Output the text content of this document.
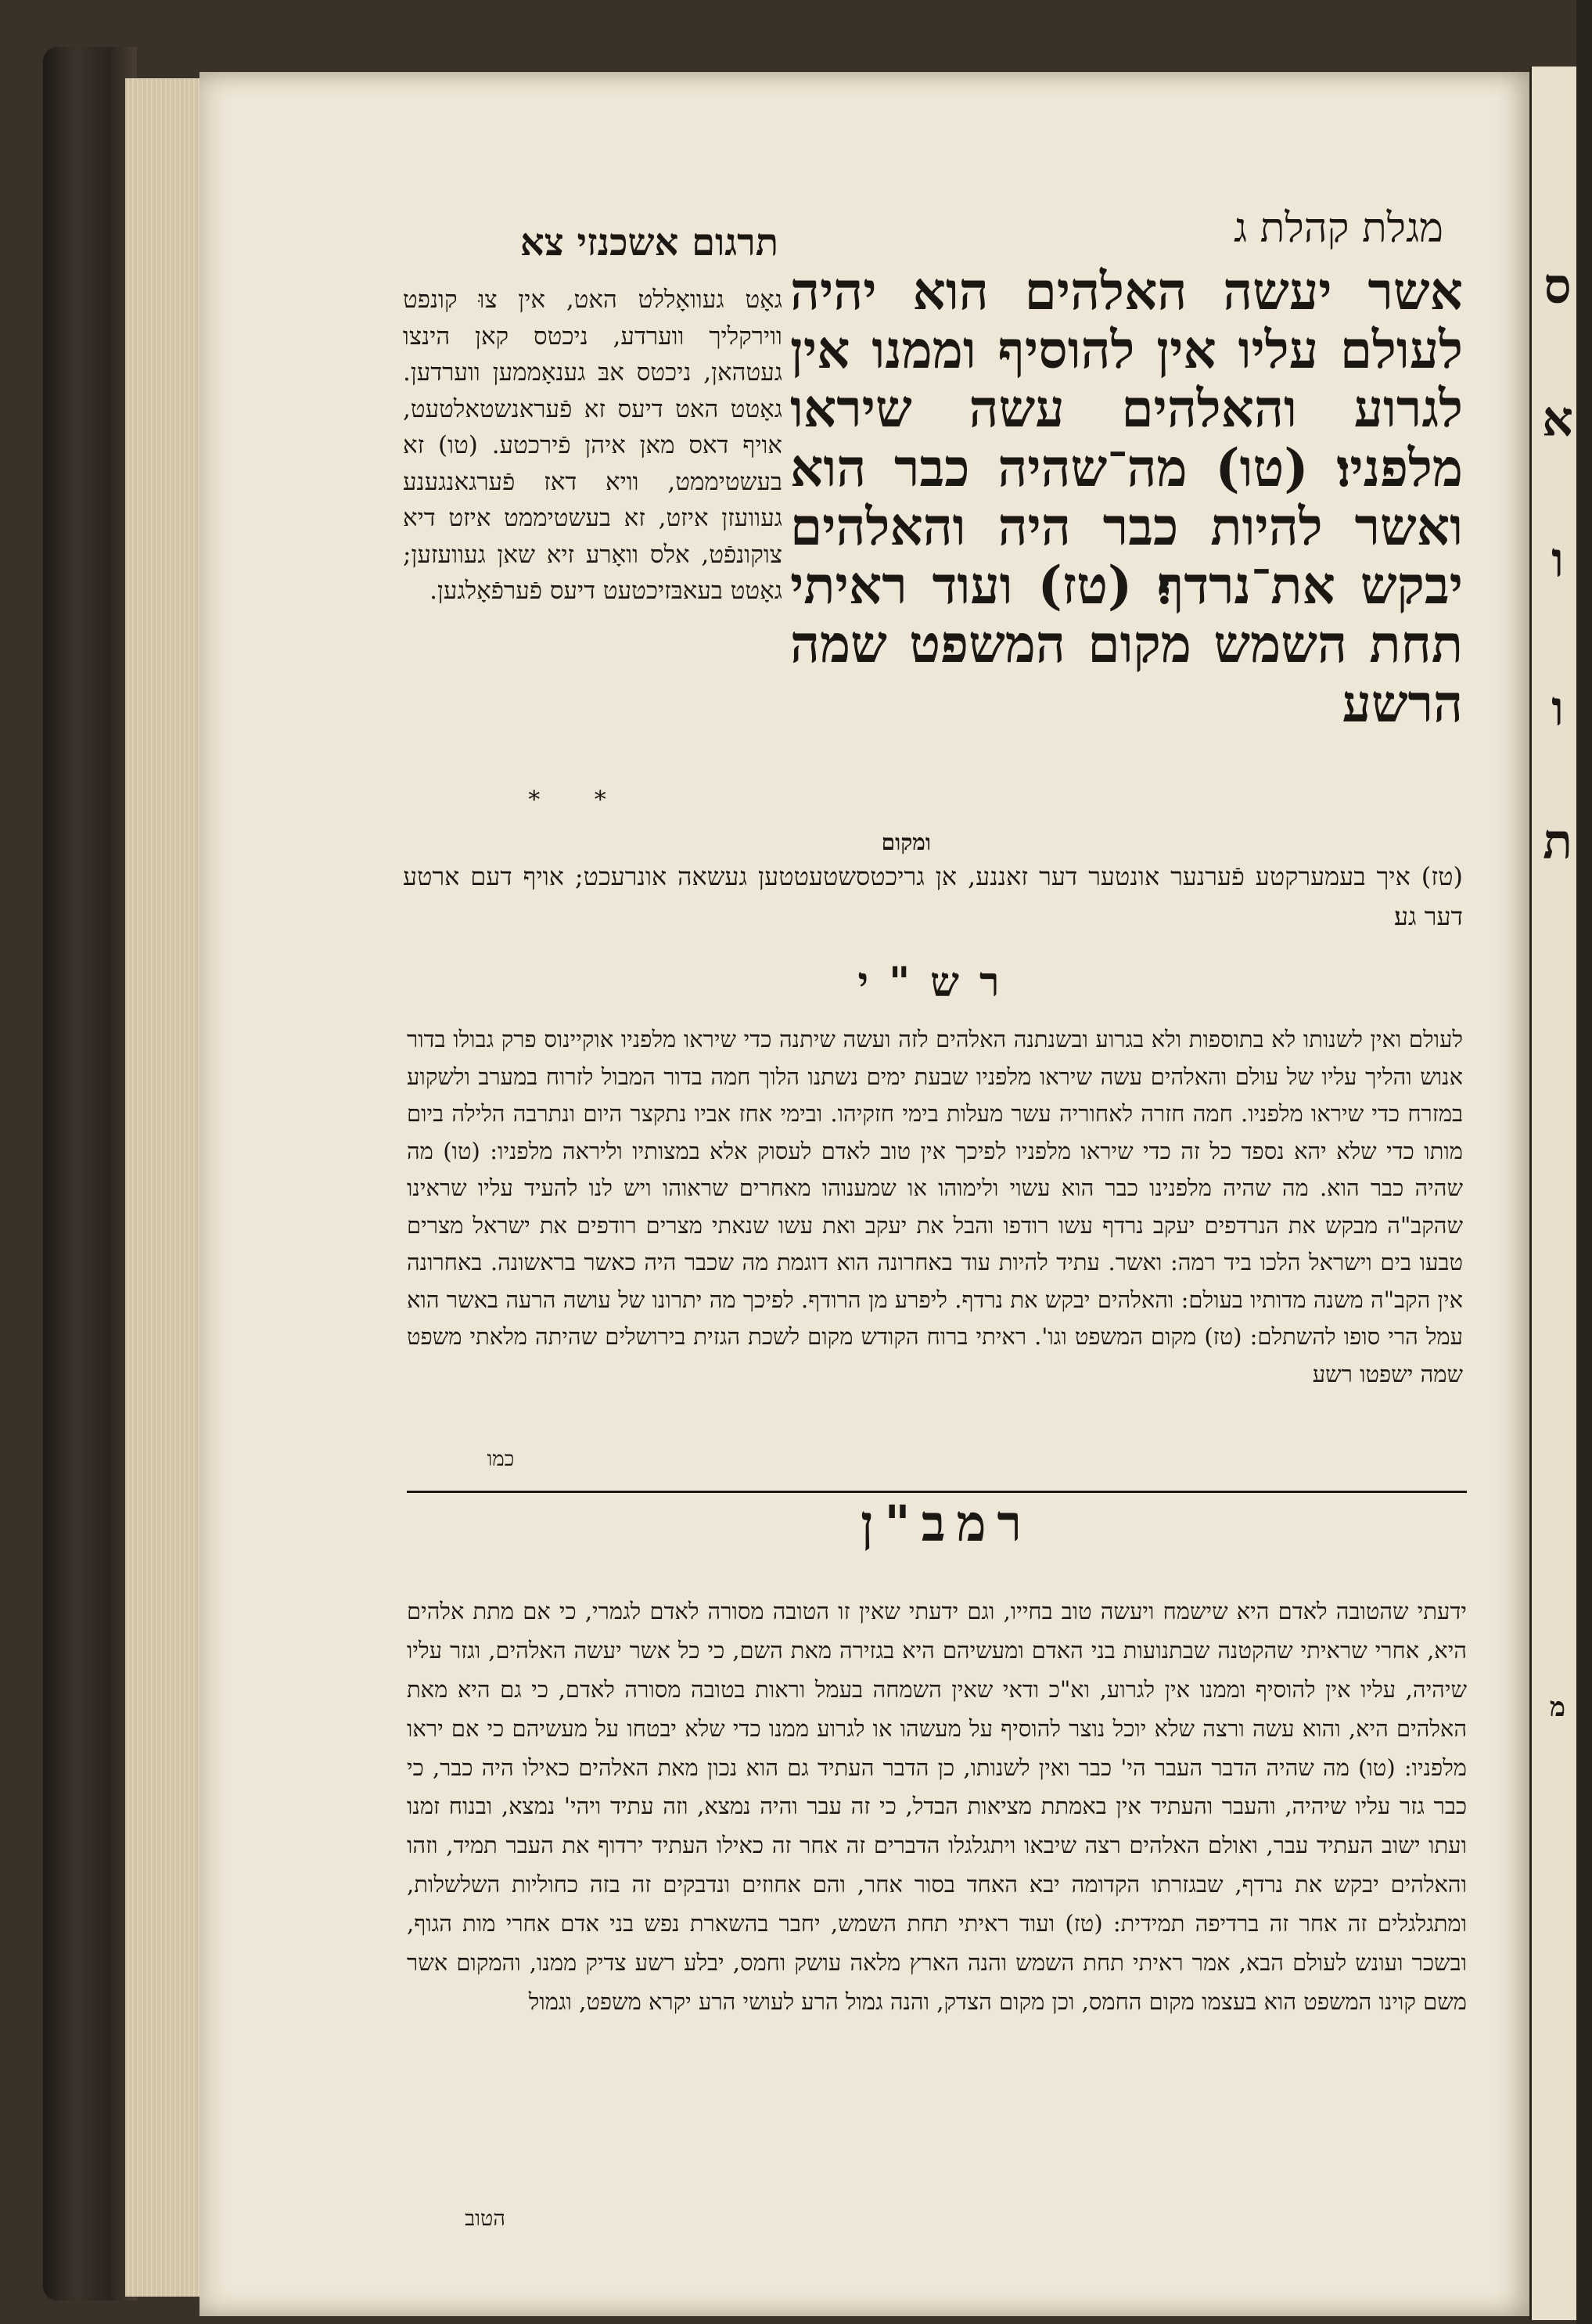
ס
א
ו
ו
ת
מ
תרגום אשכנזי צא	מגלת קהלת ג
אשר יעשה האלהים הוא יהיה לעולם עליו אין להוסיף וממנו אין לגרוע והאלהים עשה שיראו מלפניו׃ (טו) מה־שהיה כבר הוא ואשר להיות כבר היה והאלהים יבקש את־נרדף׃ (טז) ועוד ראיתי תחת השמש מקום המשפט שמה הרשע
גאָט געוואָללט האט, אין צוּ קונפט ווירקליך ווערדע, ניכטס קאן הינצו געטהאן, ניכטס אבּ גענאָממען ווערדען. גאָטט האט דיעס זא פֿעראנשטאלטעט, אויף דאס מאן איהן פֿירכטע. (טו) זא בעשטיממט, וויא דאז פֿערגאנגענע געוועזן איזט, זא בעשטיממט איזט דיא צוקונפֿט, אלס וואָרע זיא שאן געוועזען; גאָטט בעאבּזיכטעט דיעס פֿערפֿאָלגען.
* *
ומקום
(טז) איך בעמערקטע פֿערנער אונטער דער זאננע, אן גריכטסשטעטטען געשאה אונרעכט; אויף דעם ארטע דער גע׃
רש"י
לעולם ואין לשנותו לא בתוספות ולא בגרוע ובשנתנה האלהים לזה ועשה שיתנה כדי שיראו מלפניו אוקיינוס פרק גבולו בדור אנוש והליך עליו של עולם והאלהים עשה שיראו מלפניו שבעת ימים נשתנו הלוך חמה בדור המבול לזרוח במערב ולשקוע במזרח כדי שיראו מלפניו. חמה חזרה לאחוריה עשר מעלות בימי חזקיהו. ובימי אחז אביו נתקצר היום ונתרבה הלילה ביום מותו כדי שלא יהא נספד כל זה כדי שיראו מלפניו לפיכך אין טוב לאדם לעסוק אלא במצותיו וליראה מלפניו: (טו) מה שהיה כבר הוא. מה שהיה מלפנינו כבר הוא עשוי ולימוהו או שמענוהו מאחרים שראוהו ויש לנו להעיד עליו שראינו שהקב"ה מבקש את הנרדפים יעקב נרדף עשו רודפו והבל את יעקב ואת עשו שנאתי מצרים רודפים את ישראל מצרים טבעו בים וישראל הלכו ביד רמה: ואשר. עתיד להיות עוד באחרונה הוא דוגמת מה שכבר היה כאשר בראשונה. באחרונה אין הקב"ה משנה מדותיו בעולם: והאלהים יבקש את נרדף. ליפרע מן הרודף. לפיכך מה יתרונו של עושה הרעה באשר הוא עמל הרי סופו להשתלם: (טז) מקום המשפט וגו'. ראיתי ברוח הקודש מקום לשכת הגזית בירושלים שהיתה מלאתי משפט שמה ישפטו רשע
כמו
רמב"ן
ידעתי שהטובה לאדם היא שישמח ויעשה טוב בחייו, וגם ידעתי שאין זו הטובה מסורה לאדם לגמרי, כי אם מתת אלהים היא, אחרי שראיתי שהקטנה שבתנועות בני האדם ומעשיהם היא בגזירה מאת השם, כי כל אשר יעשה האלהים, וגזר עליו שיהיה, עליו אין להוסיף וממנו אין לגרוע, וא"כ ודאי שאין השמחה בעמל וראות בטובה מסורה לאדם, כי גם היא מאת האלהים היא, והוא עשה ורצה שלא יוכל נוצר להוסיף על מעשהו או לגרוע ממנו כדי שלא יבטחו על מעשיהם כי אם יראו מלפניו: (טו) מה שהיה הדבר העבר הי' כבר ואין לשנותו, כן הדבר העתיד גם הוא נכון מאת האלהים כאילו היה כבר, כי כבר גזר עליו שיהיה, והעבר והעתיד אין באמתת מציאות הבדל, כי זה עבר והיה נמצא, וזה עתיד ויהי' נמצא, ובנוח זמנו ועתו ישוב העתיד עבר, ואולם האלהים רצה שיבאו ויתגלגלו הדברים זה אחר זה כאילו העתיד ירדוף את העבר תמיד, וזהו והאלהים יבקש את נרדף, שבגזרתו הקדומה יבא האחד בסור אחר, והם אחוזים ונדבקים זה בזה כחוליות השלשלות, ומתגלגלים זה אחר זה ברדיפה תמידית: (טז) ועוד ראיתי תחת השמש, יחבר בהשארת נפש בני אדם אחרי מות הגוף, ובשכר ועונש לעולם הבא, אמר ראיתי תחת השמש והנה הארץ מלאה עושק וחמס, יבלע רשע צדיק ממנו, והמקום אשר משם קוינו המשפט הוא בעצמו מקום החמס, וכן מקום הצדק, והנה גמול הרע לעושי הרע יקרא משפט, וגמול
הטוב
